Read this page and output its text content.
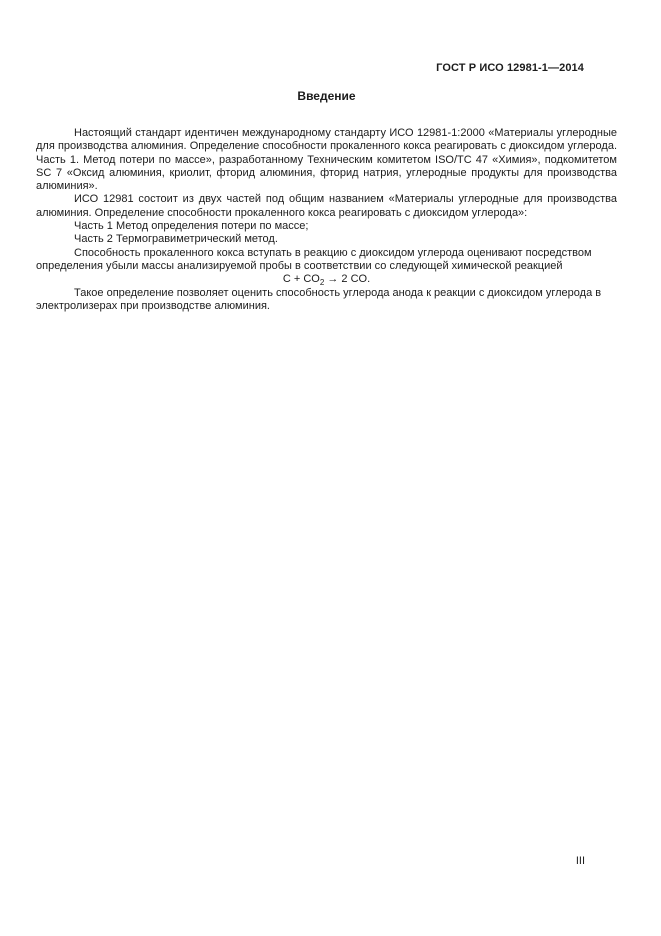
ГОСТ Р ИСО 12981-1—2014
Введение

Настоящий стандарт идентичен международному стандарту ИСО 12981-1:2000 «Материалы углеродные для производства алюминия. Определение способности прокаленного кокса реагировать с диоксидом углерода. Часть 1. Метод потери по массе», разработанному Техническим комитетом ISO/TC 47 «Химия», подкомитетом SC 7 «Оксид алюминия, криолит, фторид алюминия, фторид натрия, углеродные продукты для производства алюминия».

ИСО 12981 состоит из двух частей под общим названием «Материалы углеродные для производства алюминия. Определение способности прокаленного кокса реагировать с диоксидом углерода»:

Часть 1 Метод определения потери по массе;
Часть 2 Термогравиметрический метод.

Способность прокаленного кокса вступать в реакцию с диоксидом углерода оценивают посредством определения убыли массы анализируемой пробы в соответствии со следующей химической реакцией

$C + CO_2 \to 2$ CO.

Такое определение позволяет оценить способность углерода анода к реакции с диоксидом углерода в электролизерах при производстве алюминия.

III
